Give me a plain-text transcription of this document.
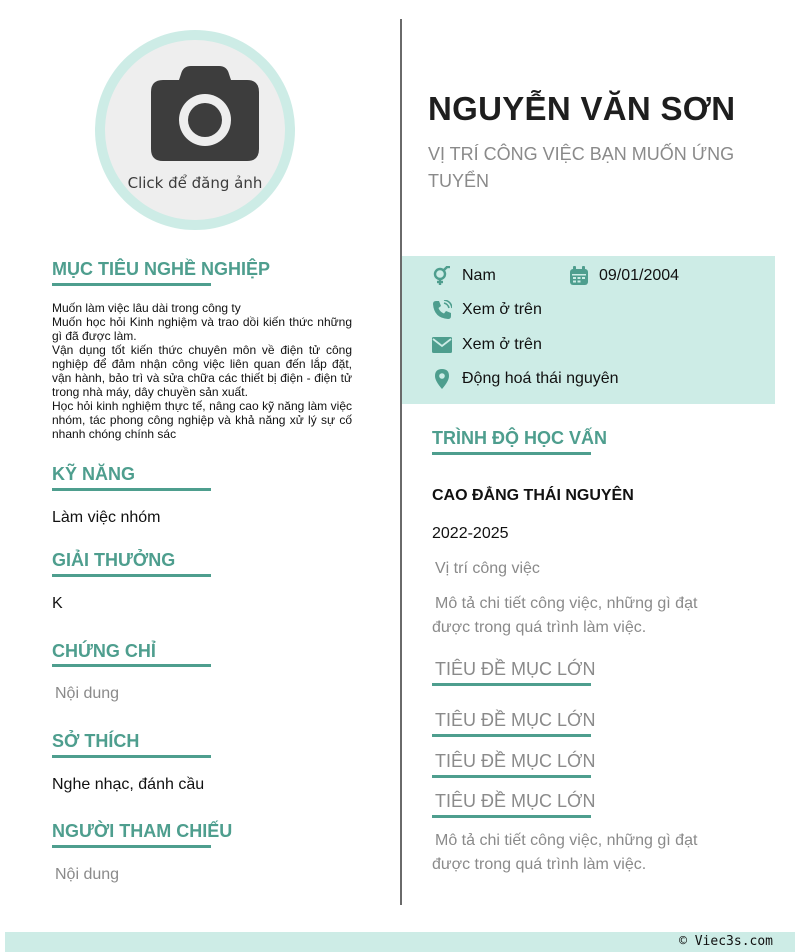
Click để đăng ảnh
MỤC TIÊU NGHỀ NGHIỆP

Muốn làm việc lâu dài trong công ty

Muốn học hỏi Kinh nghiệm và trao dồi kiến thức những gì đã được làm.

Vận dụng tốt kiến thức chuyên môn về điện tử công nghiệp để đảm nhận công việc liên quan đến lắp đặt, vận hành, bảo trì và sửa chữa các thiết bị điện - điện tử trong nhà máy, dây chuyền sản xuất.

Học hỏi kinh nghiệm thực tế, nâng cao kỹ năng làm việc nhóm, tác phong công nghiệp và khả năng xử lý sự cố nhanh chóng chính sác

KỸ NĂNG
Làm việc nhóm
GIẢI THƯỞNG
K
CHỨNG CHỈ
Nội dung
SỞ THÍCH
Nghe nhạc, đánh cầu
NGƯỜI THAM CHIẾU
Nội dung
NGUYỄN VĂN SƠN
VỊ TRÍ CÔNG VIỆC BẠN MUỐN ỨNG TUYỂN
Nam	09/01/2004
Xem ở trên
Xem ở trên
Động hoá thái nguyên
TRÌNH ĐỘ HỌC VẤN
CAO ĐẲNG THÁI NGUYÊN
2022-2025
Vị trí công việc
Mô tả chi tiết công việc, những gì đạt được trong quá trình làm việc.
TIÊU ĐỀ MỤC LỚN
TIÊU ĐỀ MỤC LỚN
TIÊU ĐỀ MỤC LỚN
TIÊU ĐỀ MỤC LỚN
Mô tả chi tiết công việc, những gì đạt được trong quá trình làm việc.
© Viec3s.com
